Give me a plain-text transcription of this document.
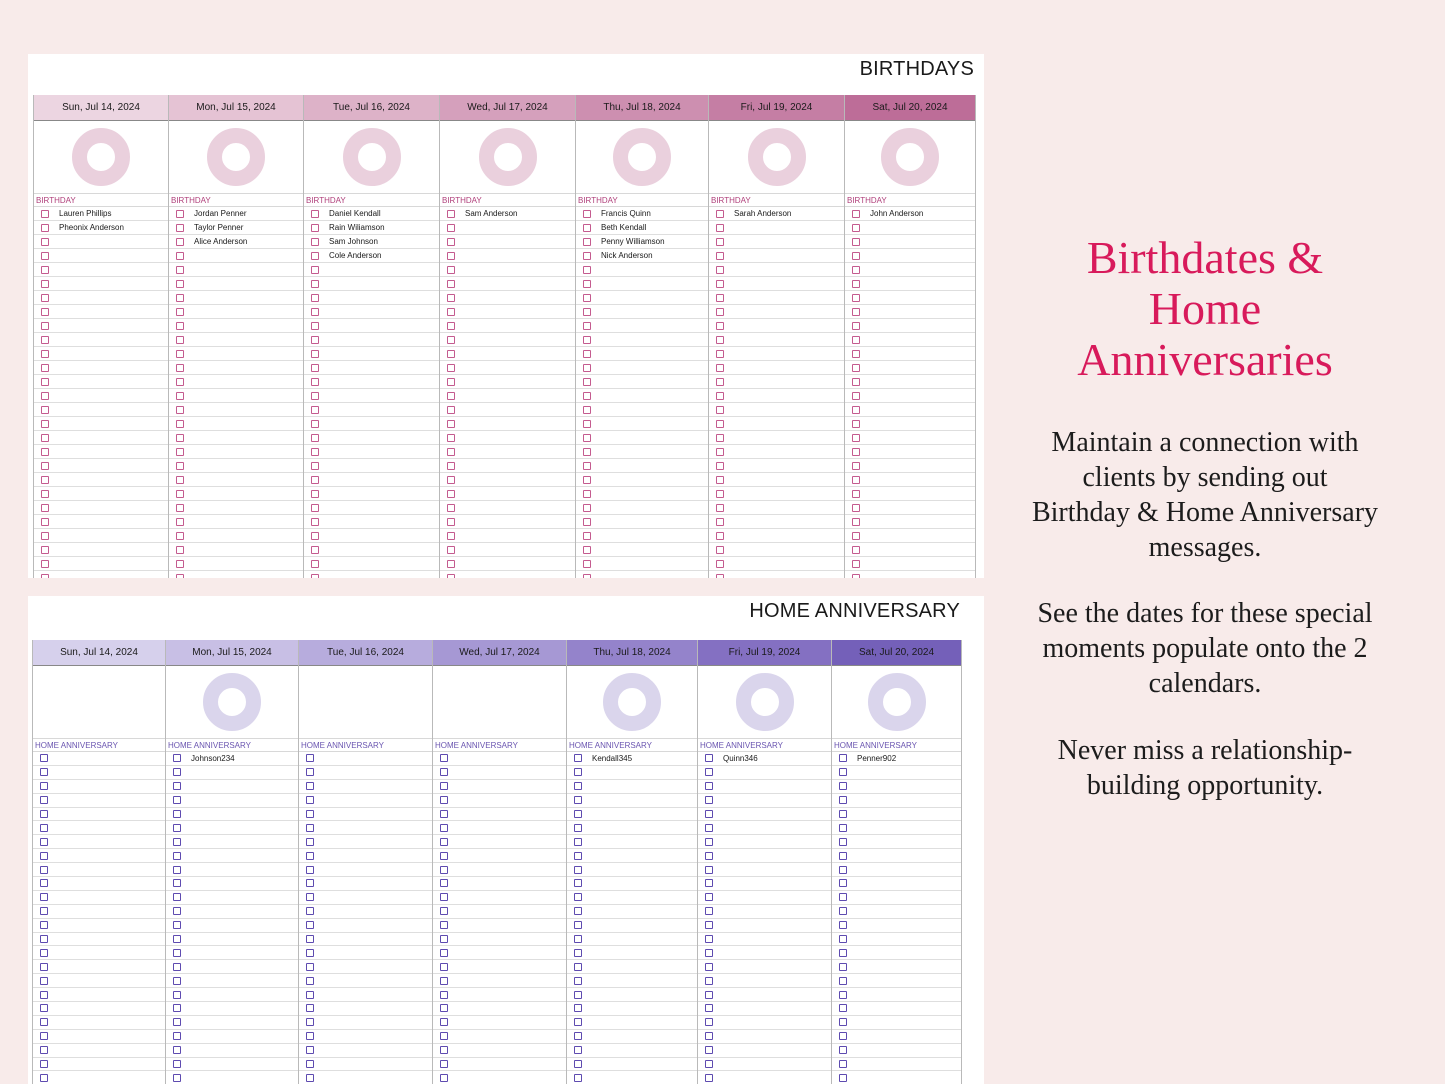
BIRTHDAYS
Sun, Jul 14, 2024
BIRTHDAY
Lauren Phillips
Pheonix Anderson
Mon, Jul 15, 2024
BIRTHDAY
Jordan Penner
Taylor Penner
Alice Anderson
Tue, Jul 16, 2024
BIRTHDAY
Daniel Kendall
Rain Wiliamson
Sam Johnson
Cole Anderson
Wed, Jul 17, 2024
BIRTHDAY
Sam Anderson
Thu, Jul 18, 2024
BIRTHDAY
Francis Quinn
Beth Kendall
Penny Williamson
Nick Anderson
Fri, Jul 19, 2024
BIRTHDAY
Sarah Anderson
Sat, Jul 20, 2024
BIRTHDAY
John Anderson
HOME ANNIVERSARY
Sun, Jul 14, 2024
HOME ANNIVERSARY
Mon, Jul 15, 2024
HOME ANNIVERSARY
Johnson234
Tue, Jul 16, 2024
HOME ANNIVERSARY
Wed, Jul 17, 2024
HOME ANNIVERSARY
Thu, Jul 18, 2024
HOME ANNIVERSARY
Kendall345
Fri, Jul 19, 2024
HOME ANNIVERSARY
Quinn346
Sat, Jul 20, 2024
HOME ANNIVERSARY
Penner902
Birthdates &
Home
Anniversaries
Maintain a connection with
clients by sending out
Birthday & Home Anniversary
messages.
See the dates for these special
moments populate onto the 2
calendars.
Never miss a relationship-
building opportunity.
